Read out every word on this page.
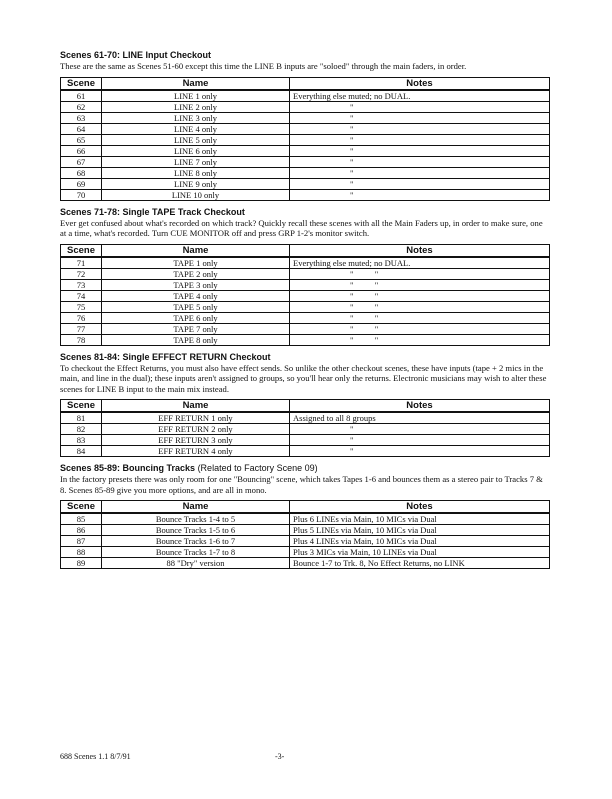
Scenes 61-70: LINE Input Checkout
These are the same as Scenes 51-60 except this time the LINE B inputs are "soloed" through the main faders, in order.
Scene	Name	Notes
61	LINE 1 only	Everything else muted; no DUAL.
62	LINE 2 only	"
63	LINE 3 only	"
64	LINE 4 only	"
65	LINE 5 only	"
66	LINE 6 only	"
67	LINE 7 only	"
68	LINE 8 only	"
69	LINE 9 only	"
70	LINE 10 only	"
Scenes 71-78: Single TAPE Track Checkout
Ever get confused about what's recorded on which track? Quickly recall these scenes with all the Main Faders up, in order to make sure, one at a time, what's recorded. Turn CUE MONITOR off and press GRP 1-2's monitor switch.
Scene	Name	Notes
71	TAPE 1 only	Everything else muted; no DUAL.
72	TAPE 2 only	"          "
73	TAPE 3 only	"          "
74	TAPE 4 only	"          "
75	TAPE 5 only	"          "
76	TAPE 6 only	"          "
77	TAPE 7 only	"          "
78	TAPE 8 only	"          "
Scenes 81-84: Single EFFECT RETURN Checkout
To checkout the Effect Returns, you must also have effect sends. So unlike the other checkout scenes, these have inputs (tape + 2 mics in the main, and line in the dual); these inputs aren't assigned to groups, so you'll hear only the returns. Electronic musicians may wish to alter these scenes for LINE B input to the main mix instead.
Scene	Name	Notes
81	EFF RETURN 1 only	Assigned to all 8 groups
82	EFF RETURN 2 only	"
83	EFF RETURN 3 only	"
84	EFF RETURN 4 only	"
Scenes 85-89: Bouncing Tracks (Related to Factory Scene 09)
In the factory presets there was only room for one "Bouncing" scene, which takes Tapes 1-6 and bounces them as a stereo pair to Tracks 7 & 8. Scenes 85-89 give you more options, and are all in mono.
Scene	Name	Notes
85	Bounce Tracks 1-4 to 5	Plus 6 LINEs via Main, 10 MICs via Dual
86	Bounce Tracks 1-5 to 6	Plus 5 LINEs via Main, 10 MICs via Dual
87	Bounce Tracks 1-6 to 7	Plus 4 LINEs via Main, 10 MICs via Dual
88	Bounce Tracks 1-7 to 8	Plus 3 MICs via Main, 10 LINEs via Dual
89	88 "Dry" version	Bounce 1-7 to Trk. 8, No Effect Returns, no LINK
688 Scenes 1.1 8/7/91	-3-
